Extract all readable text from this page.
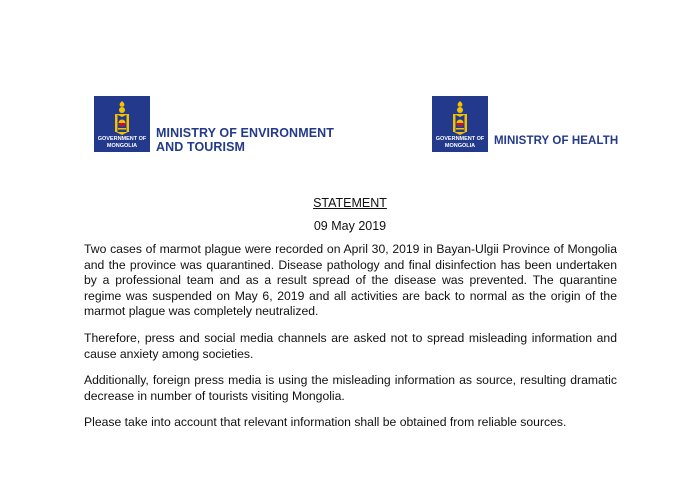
GOVERNMENT OF
MONGOLIA
MINISTRY OF ENVIRONMENT
AND TOURISM
GOVERNMENT OF
MONGOLIA	MINISTRY OF HEALTH
STATEMENT
09 May 2019

Two cases of marmot plague were recorded on April 30, 2019 in Bayan-Ulgii Province of Mongolia and the province was quarantined. Disease pathology and final disinfection has been undertaken by a professional team and as a result spread of the disease was prevented. The quarantine regime was suspended on May 6, 2019 and all activities are back to normal as the origin of the marmot plague was completely neutralized.

Therefore, press and social media channels are asked not to spread misleading information and cause anxiety among societies.

Additionally, foreign press media is using the misleading information as source, resulting dramatic decrease in number of tourists visiting Mongolia.

Please take into account that relevant information shall be obtained from reliable sources.
